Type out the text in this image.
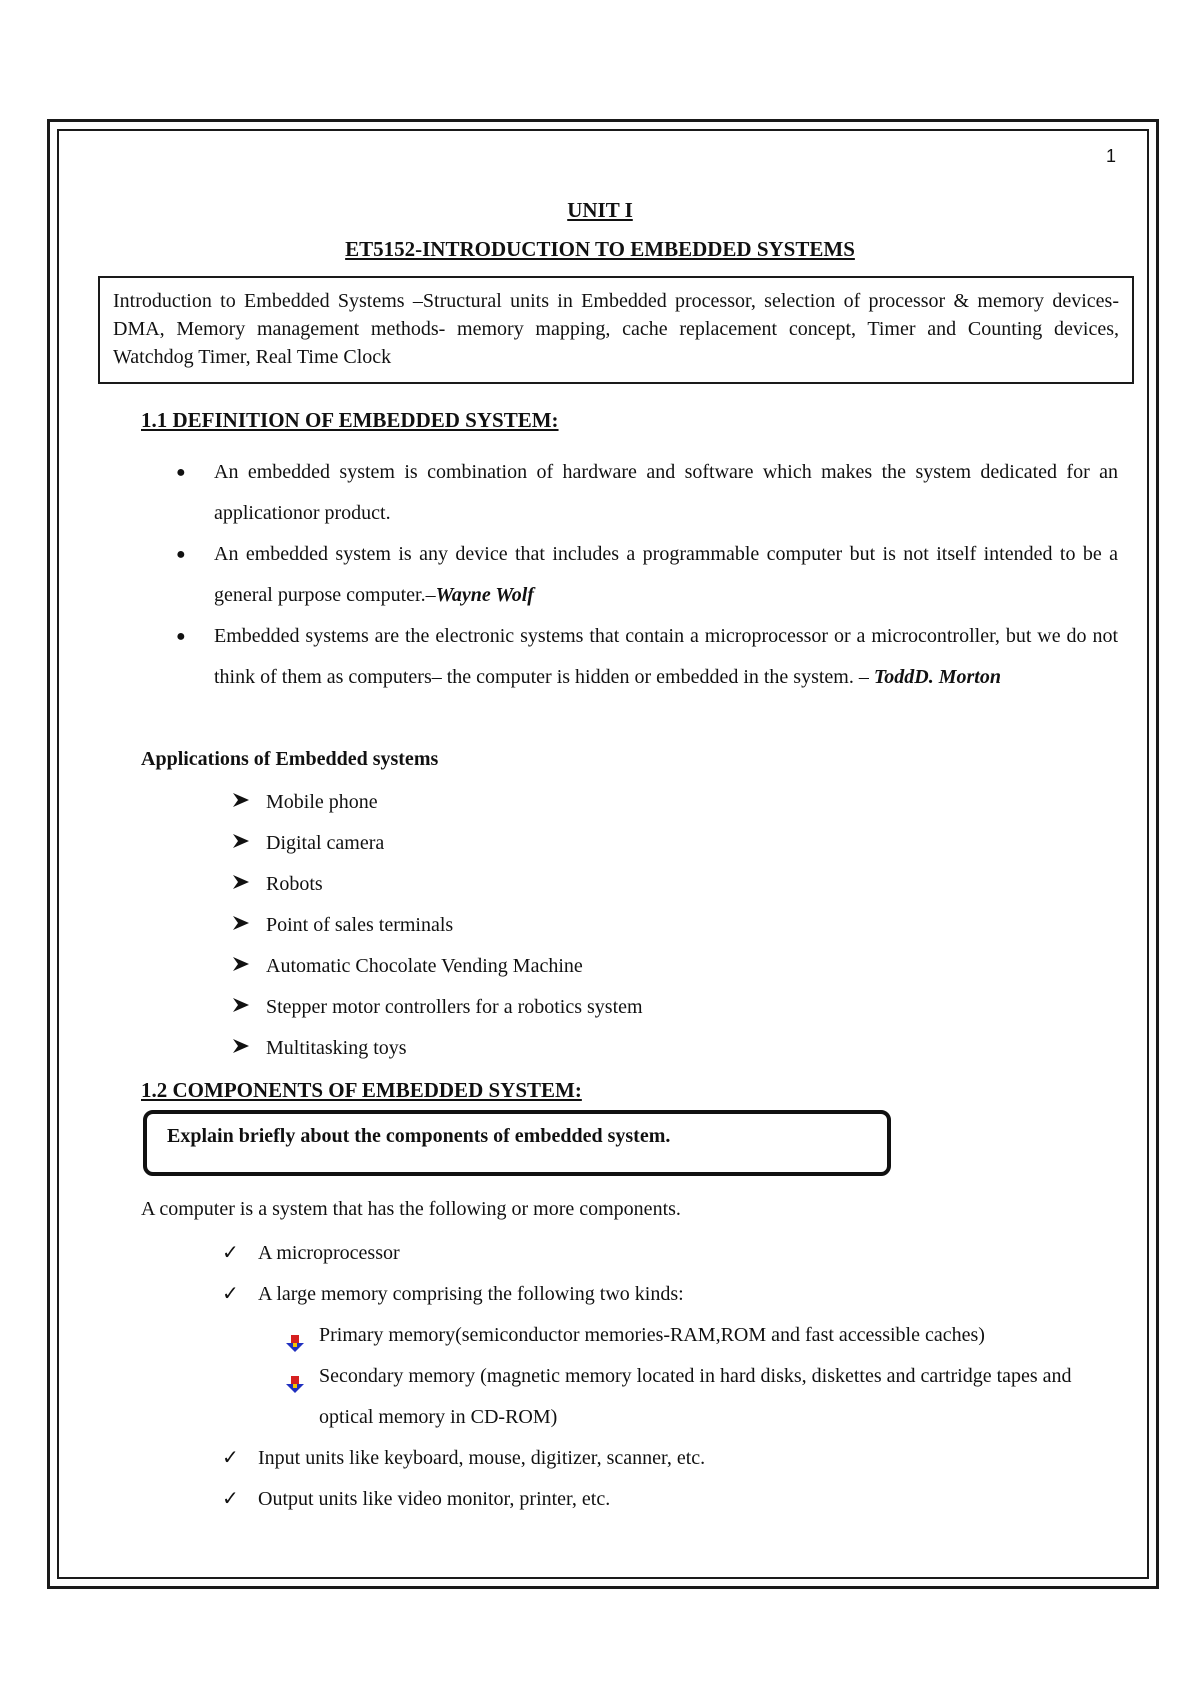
1
UNIT I
ET5152-INTRODUCTION TO EMBEDDED SYSTEMS
Introduction to Embedded Systems –Structural units in Embedded processor, selection of processor & memory devices- DMA, Memory management methods- memory mapping, cache replacement concept, Timer and Counting devices, Watchdog Timer, Real Time Clock
1.1 DEFINITION OF EMBEDDED SYSTEM:
● An embedded system is combination of hardware and software which makes the system dedicated for an applicationor product.
● An embedded system is any device that includes a programmable computer but is not itself intended to be a general purpose computer.–Wayne Wolf
● Embedded systems are the electronic systems that contain a microprocessor or a microcontroller, but we do not think of them as computers– the computer is hidden or embedded in the system. – ToddD. Morton
Applications of Embedded systems
Mobile phone
Digital camera
Robots
Point of sales terminals
Automatic Chocolate Vending Machine
Stepper motor controllers for a robotics system
Multitasking toys
1.2 COMPONENTS OF EMBEDDED SYSTEM:
Explain briefly about the components of embedded system.
A computer is a system that has the following or more components.
✓ A microprocessor
✓ A large memory comprising the following two kinds:
Primary memory(semiconductor memories-RAM,ROM and fast accessible caches)
Secondary memory (magnetic memory located in hard disks, diskettes and cartridge tapes and optical memory in CD-ROM)
✓ Input units like keyboard, mouse, digitizer, scanner, etc.
✓ Output units like video monitor, printer, etc.
